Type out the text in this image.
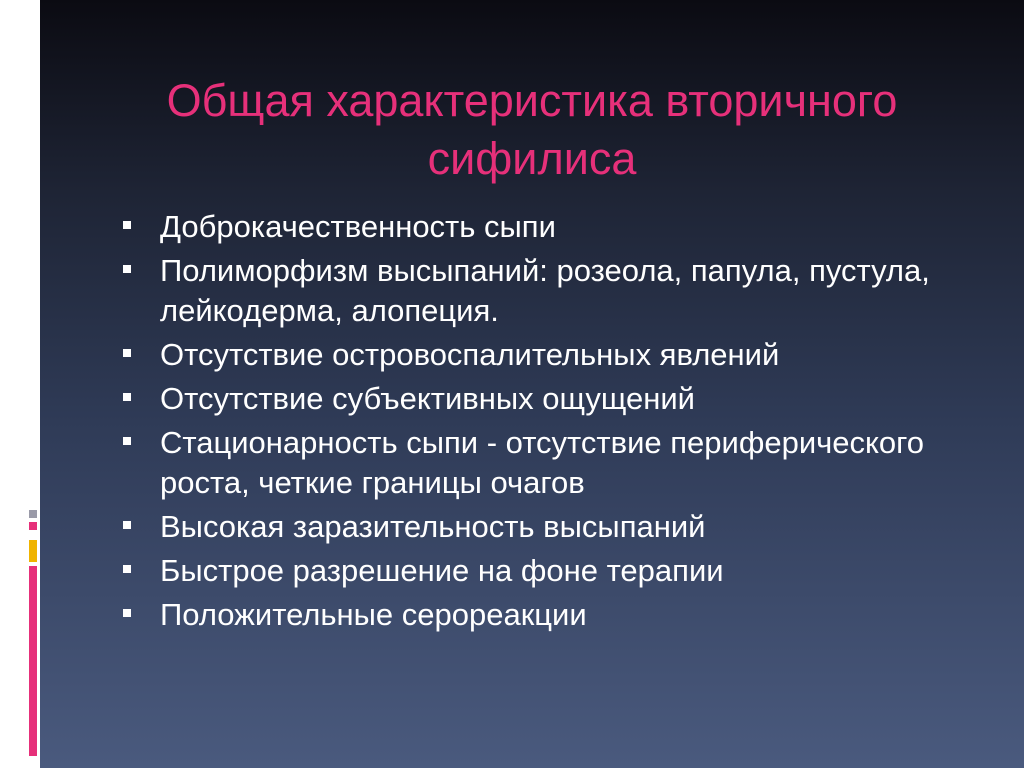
Общая характеристика вторичного
сифилиса
Доброкачественность сыпи
Полиморфизм высыпаний: розеола, папула, пустула, лейкодерма, алопеция.
Отсутствие островоспалительных явлений
Отсутствие субъективных ощущений
Стационарность сыпи - отсутствие периферического роста, четкие границы очагов
Высокая заразительность высыпаний
Быстрое разрешение на фоне терапии
Положительные сeрореакции
